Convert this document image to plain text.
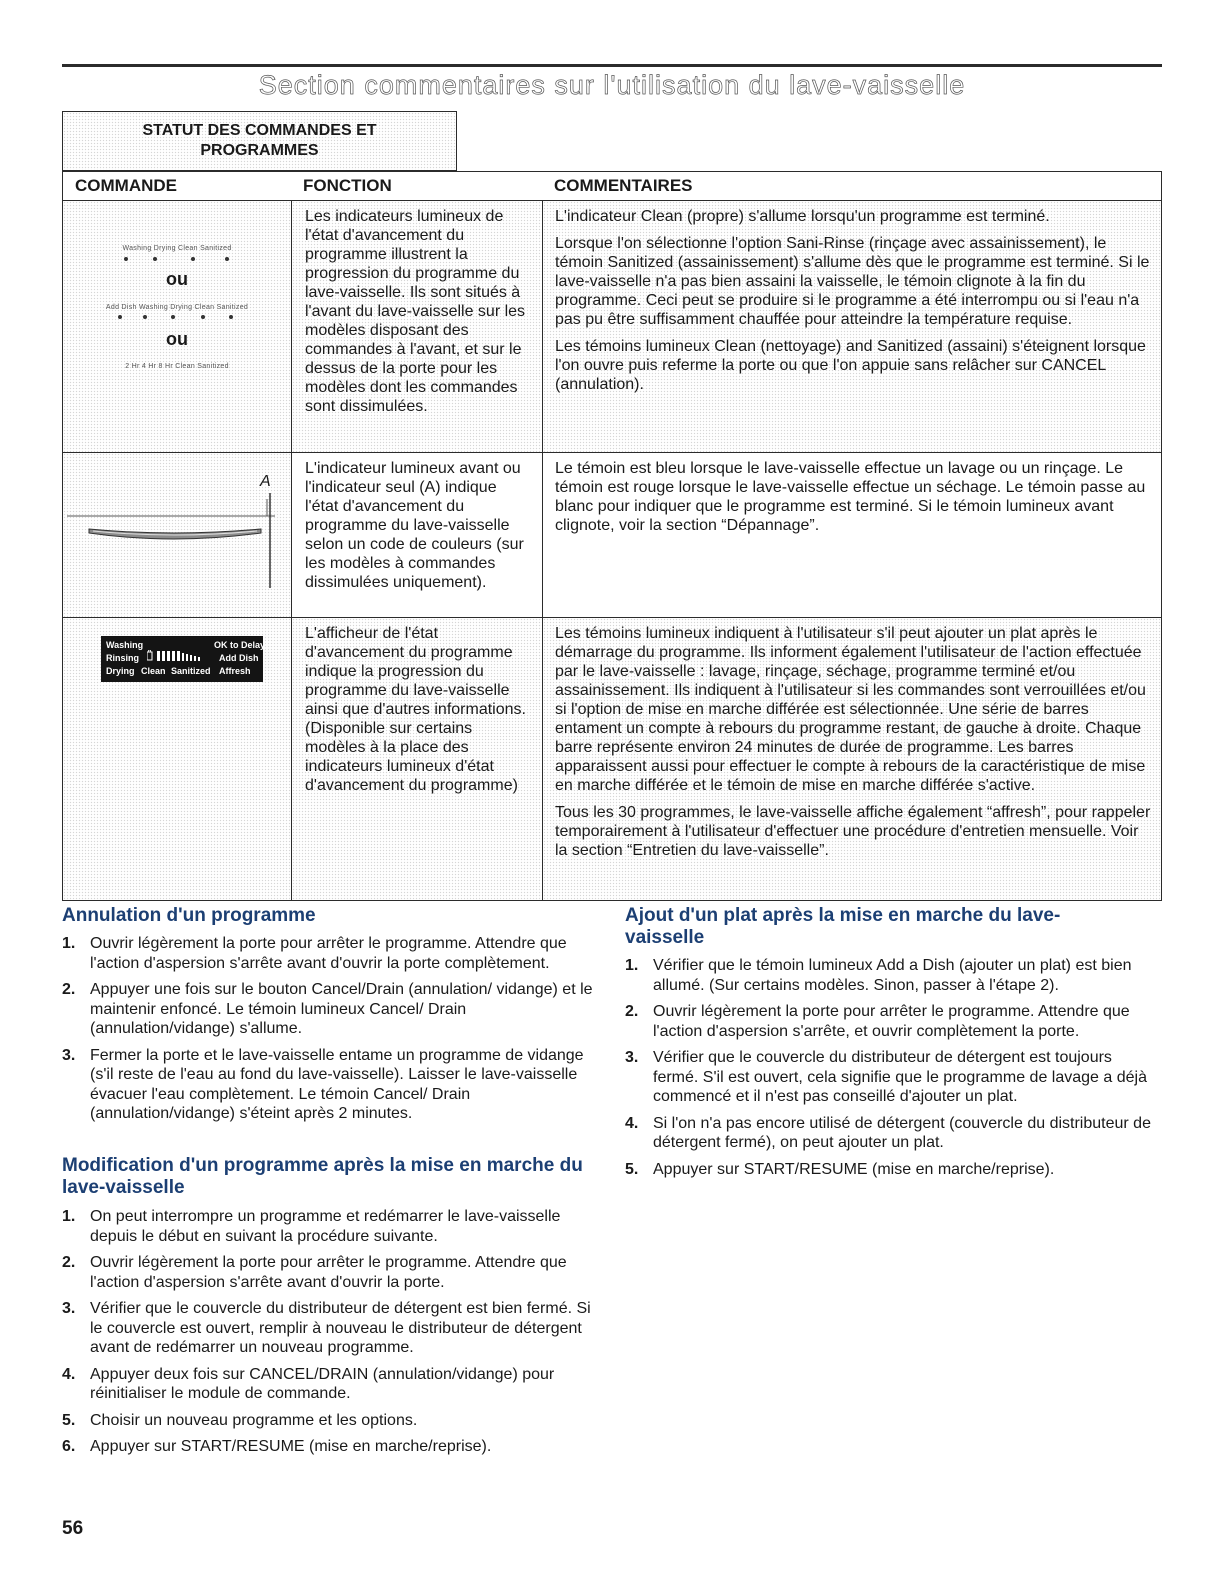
Section commentaires sur l'utilisation du lave-vaisselle
STATUT DES COMMANDES ET
PROGRAMMES
COMMANDE	FONCTION	COMMENTAIRES
Washing Drying Clean Sanitized
ou
Add Dish Washing Drying Clean Sanitized
ou
2 Hr 4 Hr 8 Hr Clean Sanitized
Les indicateurs lumineux de l'état d'avancement du programme illustrent la progression du programme du lave-vaisselle. Ils sont situés à l'avant du lave-vaisselle sur les modèles disposant des commandes à l'avant, et sur le dessus de la porte pour les modèles dont les commandes sont dissimulées.

L'indicateur Clean (propre) s'allume lorsqu'un programme est terminé.

Lorsque l'on sélectionne l'option Sani-Rinse (rinçage avec assainissement), le témoin Sanitized (assainissement) s'allume dès que le programme est terminé. Si le lave-vaisselle n'a pas bien assaini la vaisselle, le témoin clignote à la fin du programme. Ceci peut se produire si le programme a été interrompu ou si l'eau n'a pas pu être suffisamment chauffée pour atteindre la température requise.

Les témoins lumineux Clean (nettoyage) and Sanitized (assaini) s'éteignent lorsque l'on ouvre puis referme la porte ou que l'on appuie sans relâcher sur CANCEL (annulation).

A
L'indicateur lumineux avant ou l'indicateur seul (A) indique l'état d'avancement du programme du lave-vaisselle selon un code de couleurs (sur les modèles à commandes dissimulées uniquement).

Le témoin est bleu lorsque le lave-vaisselle effectue un lavage ou un rinçage. Le témoin est rouge lorsque le lave-vaisselle effectue un séchage. Le témoin passe au blanc pour indiquer que le programme est terminé. Si le témoin lumineux avant clignote, voir la section “Dépannage”.

Washing
Rinsing
Drying Clean Sanitized
OK to Delay
Add Dish
Affresh
L'afficheur de l'état d'avancement du programme indique la progression du programme du lave-vaisselle ainsi que d'autres informations. (Disponible sur certains modèles à la place des indicateurs lumineux d'état d'avancement du programme)

Les témoins lumineux indiquent à l'utilisateur s'il peut ajouter un plat après le démarrage du programme. Ils informent également l'utilisateur de l'action effectuée par le lave-vaisselle : lavage, rinçage, séchage, programme terminé et/ou assainissement. Ils indiquent à l'utilisateur si les commandes sont verrouillées et/ou si l'option de mise en marche différée est sélectionnée. Une série de barres entament un compte à rebours du programme restant, de gauche à droite. Chaque barre représente environ 24 minutes de durée de programme. Les barres apparaissent aussi pour effectuer le compte à rebours de la caractéristique de mise en marche différée et le témoin de mise en marche différée s'active.

Tous les 30 programmes, le lave-vaisselle affiche également “affresh”, pour rappeler temporairement à l'utilisateur d'effectuer une procédure d'entretien mensuelle. Voir la section “Entretien du lave-vaisselle”.

Annulation d'un programme
1. Ouvrir légèrement la porte pour arrêter le programme. Attendre que l'action d'aspersion s'arrête avant d'ouvrir la porte complètement.
2. Appuyer une fois sur le bouton Cancel/Drain (annulation/ vidange) et le maintenir enfoncé. Le témoin lumineux Cancel/ Drain (annulation/vidange) s'allume.
3. Fermer la porte et le lave-vaisselle entame un programme de vidange (s'il reste de l'eau au fond du lave-vaisselle). Laisser le lave-vaisselle évacuer l'eau complètement. Le témoin Cancel/ Drain (annulation/vidange) s'éteint après 2 minutes.
Modification d'un programme après la mise en marche du lave-vaisselle
1. On peut interrompre un programme et redémarrer le lave-vaisselle depuis le début en suivant la procédure suivante.
2. Ouvrir légèrement la porte pour arrêter le programme. Attendre que l'action d'aspersion s'arrête avant d'ouvrir la porte.
3. Vérifier que le couvercle du distributeur de détergent est bien fermé. Si le couvercle est ouvert, remplir à nouveau le distributeur de détergent avant de redémarrer un nouveau programme.
4. Appuyer deux fois sur CANCEL/DRAIN (annulation/vidange) pour réinitialiser le module de commande.
5. Choisir un nouveau programme et les options.
6. Appuyer sur START/RESUME (mise en marche/reprise).
Ajout d'un plat après la mise en marche du lave-vaisselle
1. Vérifier que le témoin lumineux Add a Dish (ajouter un plat) est bien allumé. (Sur certains modèles. Sinon, passer à l'étape 2).
2. Ouvrir légèrement la porte pour arrêter le programme. Attendre que l'action d'aspersion s'arrête, et ouvrir complètement la porte.
3. Vérifier que le couvercle du distributeur de détergent est toujours fermé. S'il est ouvert, cela signifie que le programme de lavage a déjà commencé et il n'est pas conseillé d'ajouter un plat.
4. Si l'on n'a pas encore utilisé de détergent (couvercle du distributeur de détergent fermé), on peut ajouter un plat.
5. Appuyer sur START/RESUME (mise en marche/reprise).
56
